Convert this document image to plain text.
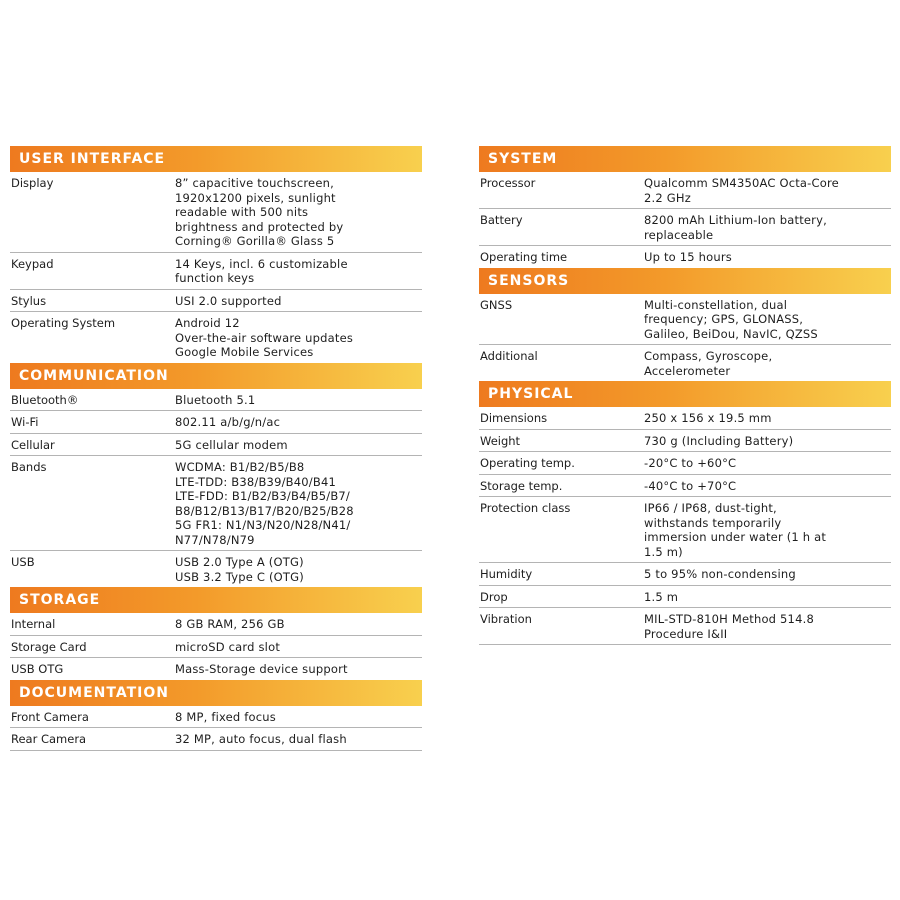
USER INTERFACE
Display	8” capacitive touchscreen,
1920x1200 pixels, sunlight
readable with 500 nits
brightness and protected by
Corning® Gorilla® Glass 5
Keypad	14 Keys, incl. 6 customizable
function keys
Stylus	USI 2.0 supported
Operating System	Android 12
Over-the-air software updates
Google Mobile Services
COMMUNICATION
Bluetooth®	Bluetooth 5.1
Wi-Fi	802.11 a/b/g/n/ac
Cellular	5G cellular modem
Bands	WCDMA: B1/B2/B5/B8
LTE-TDD: B38/B39/B40/B41
LTE-FDD: B1/B2/B3/B4/B5/B7/
B8/B12/B13/B17/B20/B25/B28
5G FR1: N1/N3/N20/N28/N41/
N77/N78/N79
USB	USB 2.0 Type A (OTG)
USB 3.2 Type C (OTG)
STORAGE
Internal	8 GB RAM, 256 GB
Storage Card	microSD card slot
USB OTG	Mass-Storage device support
DOCUMENTATION
Front Camera	8 MP, fixed focus
Rear Camera	32 MP, auto focus, dual flash
SYSTEM
Processor	Qualcomm SM4350AC Octa-Core
2.2 GHz
Battery	8200 mAh Lithium-Ion battery,
replaceable
Operating time	Up to 15 hours
SENSORS
GNSS	Multi-constellation, dual
frequency; GPS, GLONASS,
Galileo, BeiDou, NavIC, QZSS
Additional	Compass, Gyroscope,
Accelerometer
PHYSICAL
Dimensions	250 x 156 x 19.5 mm
Weight	730 g (Including Battery)
Operating temp.	-20°C to +60°C
Storage temp.	-40°C to +70°C
Protection class	IP66 / IP68, dust-tight,
withstands temporarily
immersion under water (1 h at
1.5 m)
Humidity	5 to 95% non-condensing
Drop	1.5 m
Vibration	MIL-STD-810H Method 514.8
Procedure I&II
